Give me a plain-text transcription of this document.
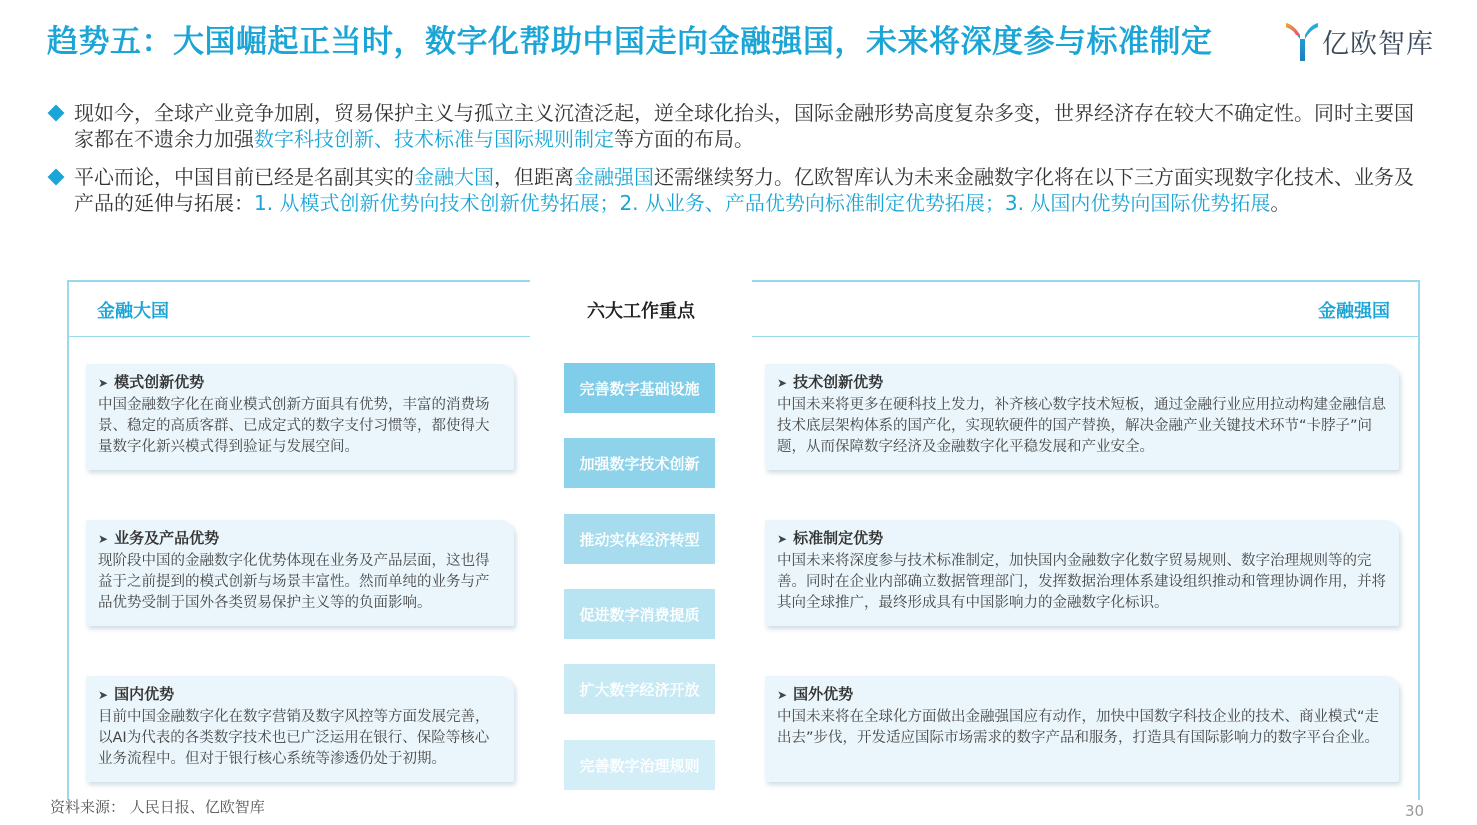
趋势五：大国崛起正当时，数字化帮助中国走向金融强国，未来将深度参与标准制定	亿欧智库
现如今，全球产业竞争加剧，贸易保护主义与孤立主义沉渣泛起，逆全球化抬头，国际金融形势高度复杂多变，世界经济存在较大不确定性。同时主要国家都在不遗余力加强数字科技创新、技术标准与国际规则制定等方面的布局。
平心而论，中国目前已经是名副其实的金融大国，但距离金融强国还需继续努力。亿欧智库认为未来金融数字化将在以下三方面实现数字化技术、业务及产品的延伸与拓展：1. 从模式创新优势向技术创新优势拓展；2. 从业务、产品优势向标准制定优势拓展；3. 从国内优势向国际优势拓展。
金融大国	六大工作重点	金融强国
➤ 模式创新优势
中国金融数字化在商业模式创新方面具有优势，丰富的消费场景、稳定的高质客群、已成定式的数字支付习惯等，都使得大量数字化新兴模式得到验证与发展空间。
➤ 业务及产品优势
现阶段中国的金融数字化优势体现在业务及产品层面，这也得益于之前提到的模式创新与场景丰富性。然而单纯的业务与产品优势受制于国外各类贸易保护主义等的负面影响。
➤ 国内优势
目前中国金融数字化在数字营销及数字风控等方面发展完善，以AI为代表的各类数字技术也已广泛运用在银行、保险等核心业务流程中。但对于银行核心系统等渗透仍处于初期。
➤ 技术创新优势
中国未来将更多在硬科技上发力，补齐核心数字技术短板，通过金融行业应用拉动构建金融信息技术底层架构体系的国产化，实现软硬件的国产替换，解决金融产业关键技术环节“卡脖子”问题，从而保障数字经济及金融数字化平稳发展和产业安全。
➤ 标准制定优势
中国未来将深度参与技术标准制定，加快国内金融数字化数字贸易规则、数字治理规则等的完善。同时在企业内部确立数据管理部门，发挥数据治理体系建设组织推动和管理协调作用，并将其向全球推广，最终形成具有中国影响力的金融数字化标识。
➤ 国外优势
中国未来将在全球化方面做出金融强国应有动作，加快中国数字科技企业的技术、商业模式“走出去”步伐，开发适应国际市场需求的数字产品和服务，打造具有国际影响力的数字平台企业。
完善数字基础设施
加强数字技术创新
推动实体经济转型
促进数字消费提质
扩大数字经济开放
完善数字治理规则
资料来源： 人民日报、亿欧智库	30
